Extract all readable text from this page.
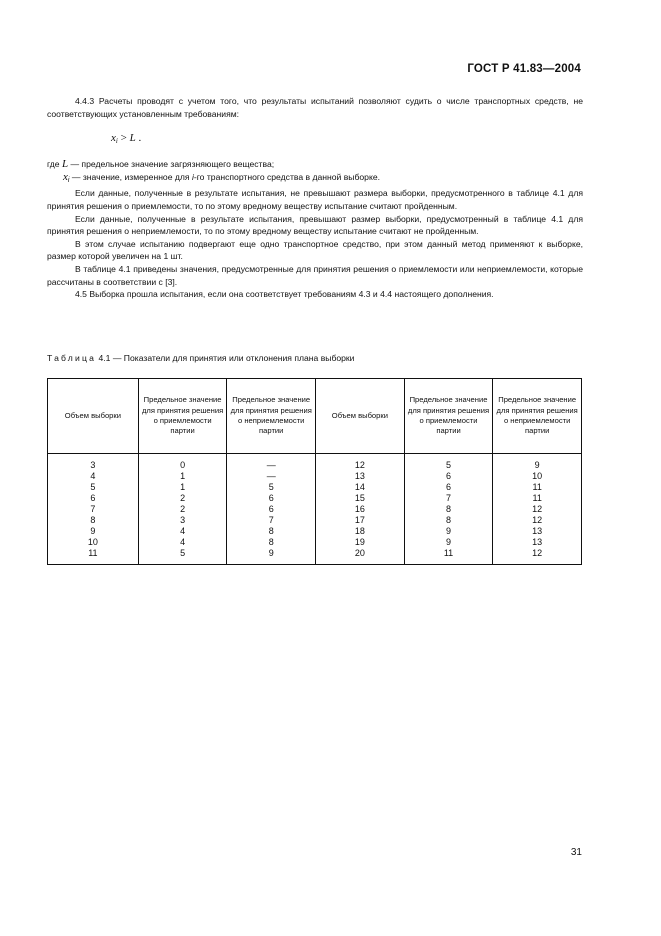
ГОСТ Р 41.83—2004

4.4.3 Расчеты проводят с учетом того, что результаты испытаний позволяют судить о числе транспортных средств, не соответствующих установленным требованиям:

$x_i > L$ .

где L — предельное значение загрязняющего вещества;

$x_i$ — значение, измеренное для i-го транспортного средства в данной выборке.

Если данные, полученные в результате испытания, не превышают размера выборки, предусмотренного в таблице 4.1 для принятия решения о приемлемости, то по этому вредному веществу испытание считают пройденным.

Если данные, полученные в результате испытания, превышают размер выборки, предусмотренный в таблице 4.1 для принятия решения о неприемлемости, то по этому вредному веществу испытание считают не пройденным.

В этом случае испытанию подвергают еще одно транспортное средство, при этом данный метод применяют к выборке, размер которой увеличен на 1 шт.

В таблице 4.1 приведены значения, предусмотренные для принятия решения о приемлемости или неприемлемости, которые рассчитаны в соответствии с [3].

4.5 Выборка прошла испытания, если она соответствует требованиям 4.3 и 4.4 настоящего дополнения.

Таблица 4.1 — Показатели для принятия или отклонения плана выборки
Объем выборки	Предельное значение для принятия решения о приемлемости партии	Предельное значение для принятия решения о неприемлемости партии	Объем выборки	Предельное значение для принятия решения о приемлемости партии	Предельное значение для принятия решения о неприемлемости партии
3	0	—	12	5	9
4	1	—	13	6	10
5	1	5	14	6	11
6	2	6	15	7	11
7	2	6	16	8	12
8	3	7	17	8	12
9	4	8	18	9	13
10	4	8	19	9	13
11	5	9	20	11	12
31
